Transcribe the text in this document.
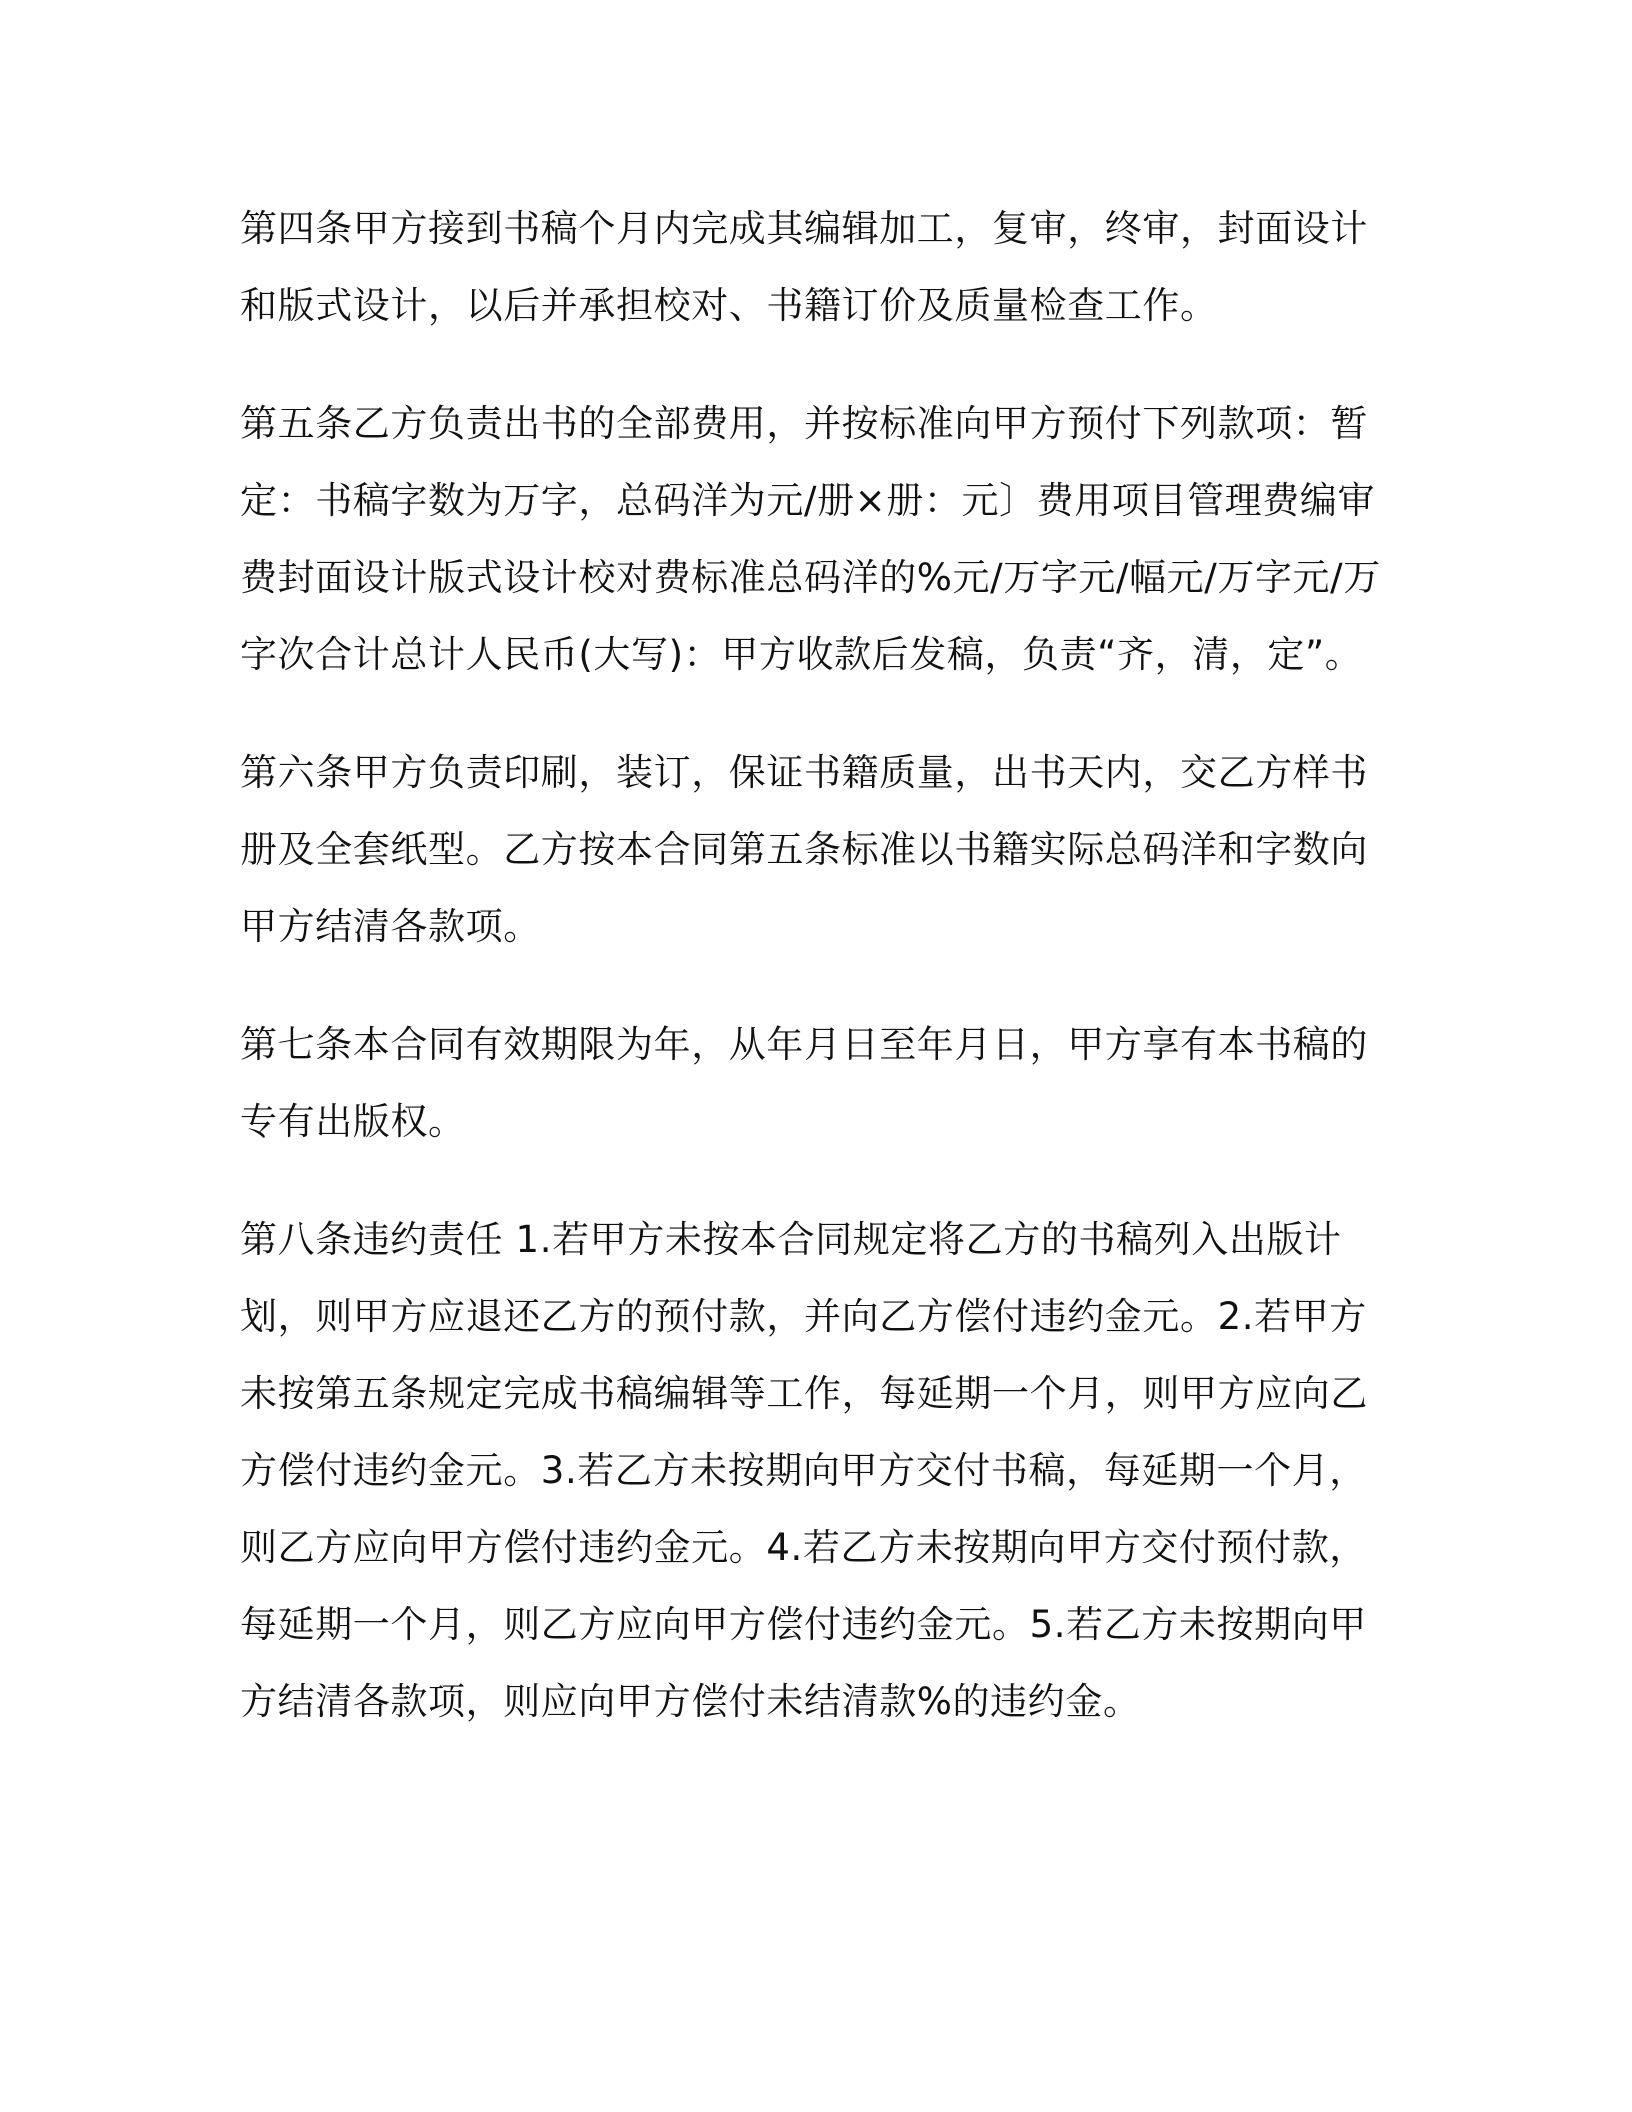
第四条甲方接到书稿个月内完成其编辑加工，复审，终审，封面设计和版式设计，以后并承担校对、书籍订价及质量检查工作。

第五条乙方负责出书的全部费用，并按标准向甲方预付下列款项：暂定：书稿字数为万字，总码洋为元/册×册：元〕费用项目管理费编审费封面设计版式设计校对费标准总码洋的%元/万字元/幅元/万字元/万字次合计总计人民币(大写)：甲方收款后发稿，负责“齐，清，定”。

第六条甲方负责印刷，装订，保证书籍质量，出书天内，交乙方样书册及全套纸型。乙方按本合同第五条标准以书籍实际总码洋和字数向甲方结清各款项。

第七条本合同有效期限为年，从年月日至年月日，甲方享有本书稿的专有出版权。

第八条违约责任 1.若甲方未按本合同规定将乙方的书稿列入出版计划，则甲方应退还乙方的预付款，并向乙方偿付违约金元。2.若甲方未按第五条规定完成书稿编辑等工作，每延期一个月，则甲方应向乙方偿付违约金元。3.若乙方未按期向甲方交付书稿，每延期一个月，则乙方应向甲方偿付违约金元。4.若乙方未按期向甲方交付预付款，每延期一个月，则乙方应向甲方偿付违约金元。5.若乙方未按期向甲方结清各款项，则应向甲方偿付未结清款%的违约金。
